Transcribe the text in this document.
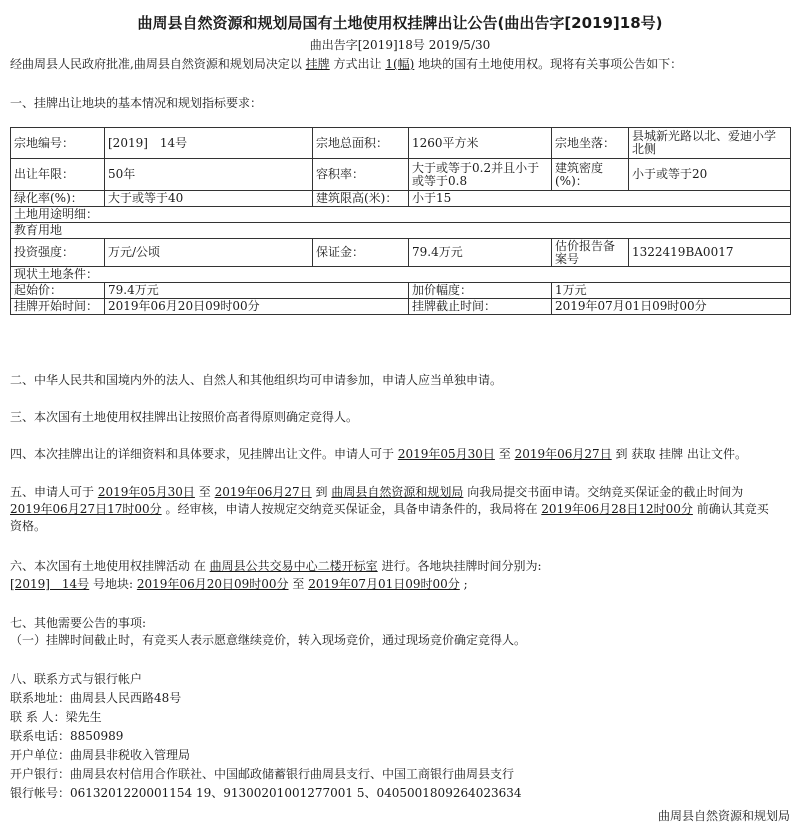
曲周县自然资源和规划局国有土地使用权挂牌出让公告(曲出告字[2019]18号)
曲出告字[2019]18号 2019/5/30
经曲周县人民政府批准,曲周县自然资源和规划局决定以 挂牌 方式出让 1(幅) 地块的国有土地使用权。现将有关事项公告如下：
一、挂牌出让地块的基本情况和规划指标要求：
宗地编号：	[2019]　14号	宗地总面积：	1260平方米	宗地坐落：	县城新光路以北、爱迪小学北侧
出让年限：	50年	容积率：	大于或等于0.2并且小于或等于0.8	建筑密度(%)：	小于或等于20
绿化率(%)：	大于或等于40	建筑限高(米)：	小于15		
土地用途明细：					
教育用地					
投资强度：	万元/公顷	保证金：	79.4万元	估价报告备案号	1322419BA0017
现状土地条件：					
起始价：	79.4万元		加价幅度：	1万元	
挂牌开始时间：	2019年06月20日09时00分		挂牌截止时间：	2019年07月01日09时00分	
二、中华人民共和国境内外的法人、自然人和其他组织均可申请参加，申请人应当单独申请。
三、本次国有土地使用权挂牌出让按照价高者得原则确定竞得人。
四、本次挂牌出让的详细资料和具体要求，见挂牌出让文件。申请人可于 2019年05月30日 至 2019年06月27日 到 获取 挂牌 出让文件。
五、申请人可于 2019年05月30日 至 2019年06月27日 到 曲周县自然资源和规划局 向我局提交书面申请。交纳竞买保证金的截止时间为
2019年06月27日17时00分 。经审核，申请人按规定交纳竞买保证金，具备申请条件的，我局将在 2019年06月28日12时00分 前确认其竞买
资格。
六、本次国有土地使用权挂牌活动 在 曲周县公共交易中心二楼开标室 进行。各地块挂牌时间分别为:
[2019]　14号 号地块: 2019年06月20日09时00分 至 2019年07月01日09时00分 ;
七、其他需要公告的事项:
（一）挂牌时间截止时，有竞买人表示愿意继续竞价，转入现场竞价，通过现场竞价确定竞得人。
八、联系方式与银行帐户
联系地址：曲周县人民西路48号
联 系 人：梁先生
联系电话：8850989
开户单位：曲周县非税收入管理局
开户银行：曲周县农村信用合作联社、中国邮政储蓄银行曲周县支行、中国工商银行曲周县支行
银行帐号：0613201220001154 19、91300201001277001 5、0405001809264023634
曲周县自然资源和规划局
